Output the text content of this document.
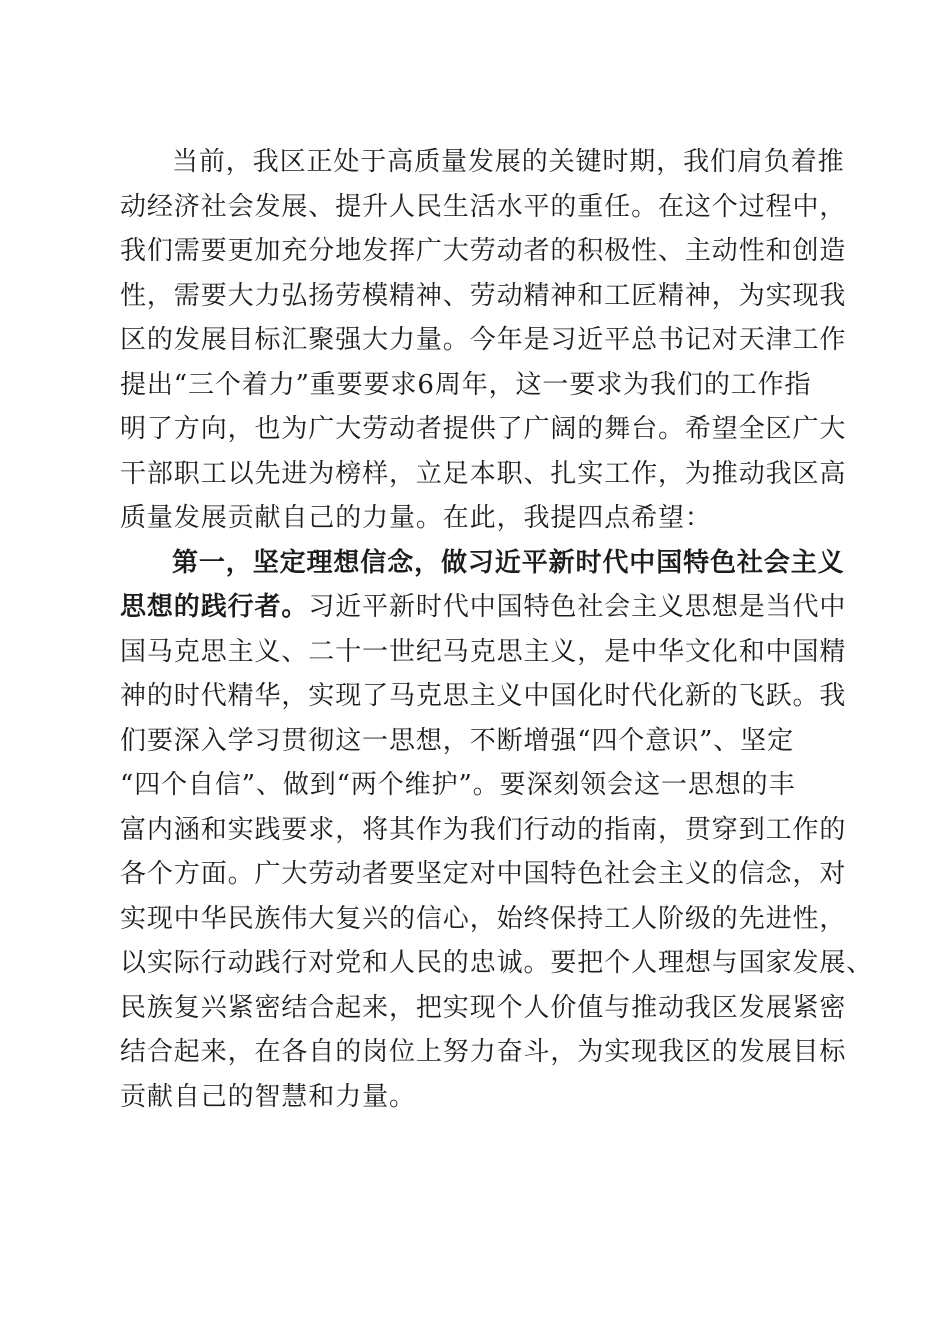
当前，我区正处于高质量发展的关键时期，我们肩负着推
动经济社会发展、提升人民生活水平的重任。在这个过程中，
我们需要更加充分地发挥广大劳动者的积极性、主动性和创造
性，需要大力弘扬劳模精神、劳动精神和工匠精神，为实现我
区的发展目标汇聚强大力量。今年是习近平总书记对天津工作
提出“三个着力”重要要求6周年，这一要求为我们的工作指
明了方向，也为广大劳动者提供了广阔的舞台。希望全区广大
干部职工以先进为榜样，立足本职、扎实工作，为推动我区高
质量发展贡献自己的力量。在此，我提四点希望：
第一，坚定理想信念，做习近平新时代中国特色社会主义
思想的践行者。习近平新时代中国特色社会主义思想是当代中
国马克思主义、二十一世纪马克思主义，是中华文化和中国精
神的时代精华，实现了马克思主义中国化时代化新的飞跃。我
们要深入学习贯彻这一思想，不断增强“四个意识”、坚定
“四个自信”、做到“两个维护”。要深刻领会这一思想的丰
富内涵和实践要求，将其作为我们行动的指南，贯穿到工作的
各个方面。广大劳动者要坚定对中国特色社会主义的信念，对
实现中华民族伟大复兴的信心，始终保持工人阶级的先进性，
以实际行动践行对党和人民的忠诚。要把个人理想与国家发展、
民族复兴紧密结合起来，把实现个人价值与推动我区发展紧密
结合起来，在各自的岗位上努力奋斗，为实现我区的发展目标
贡献自己的智慧和力量。
